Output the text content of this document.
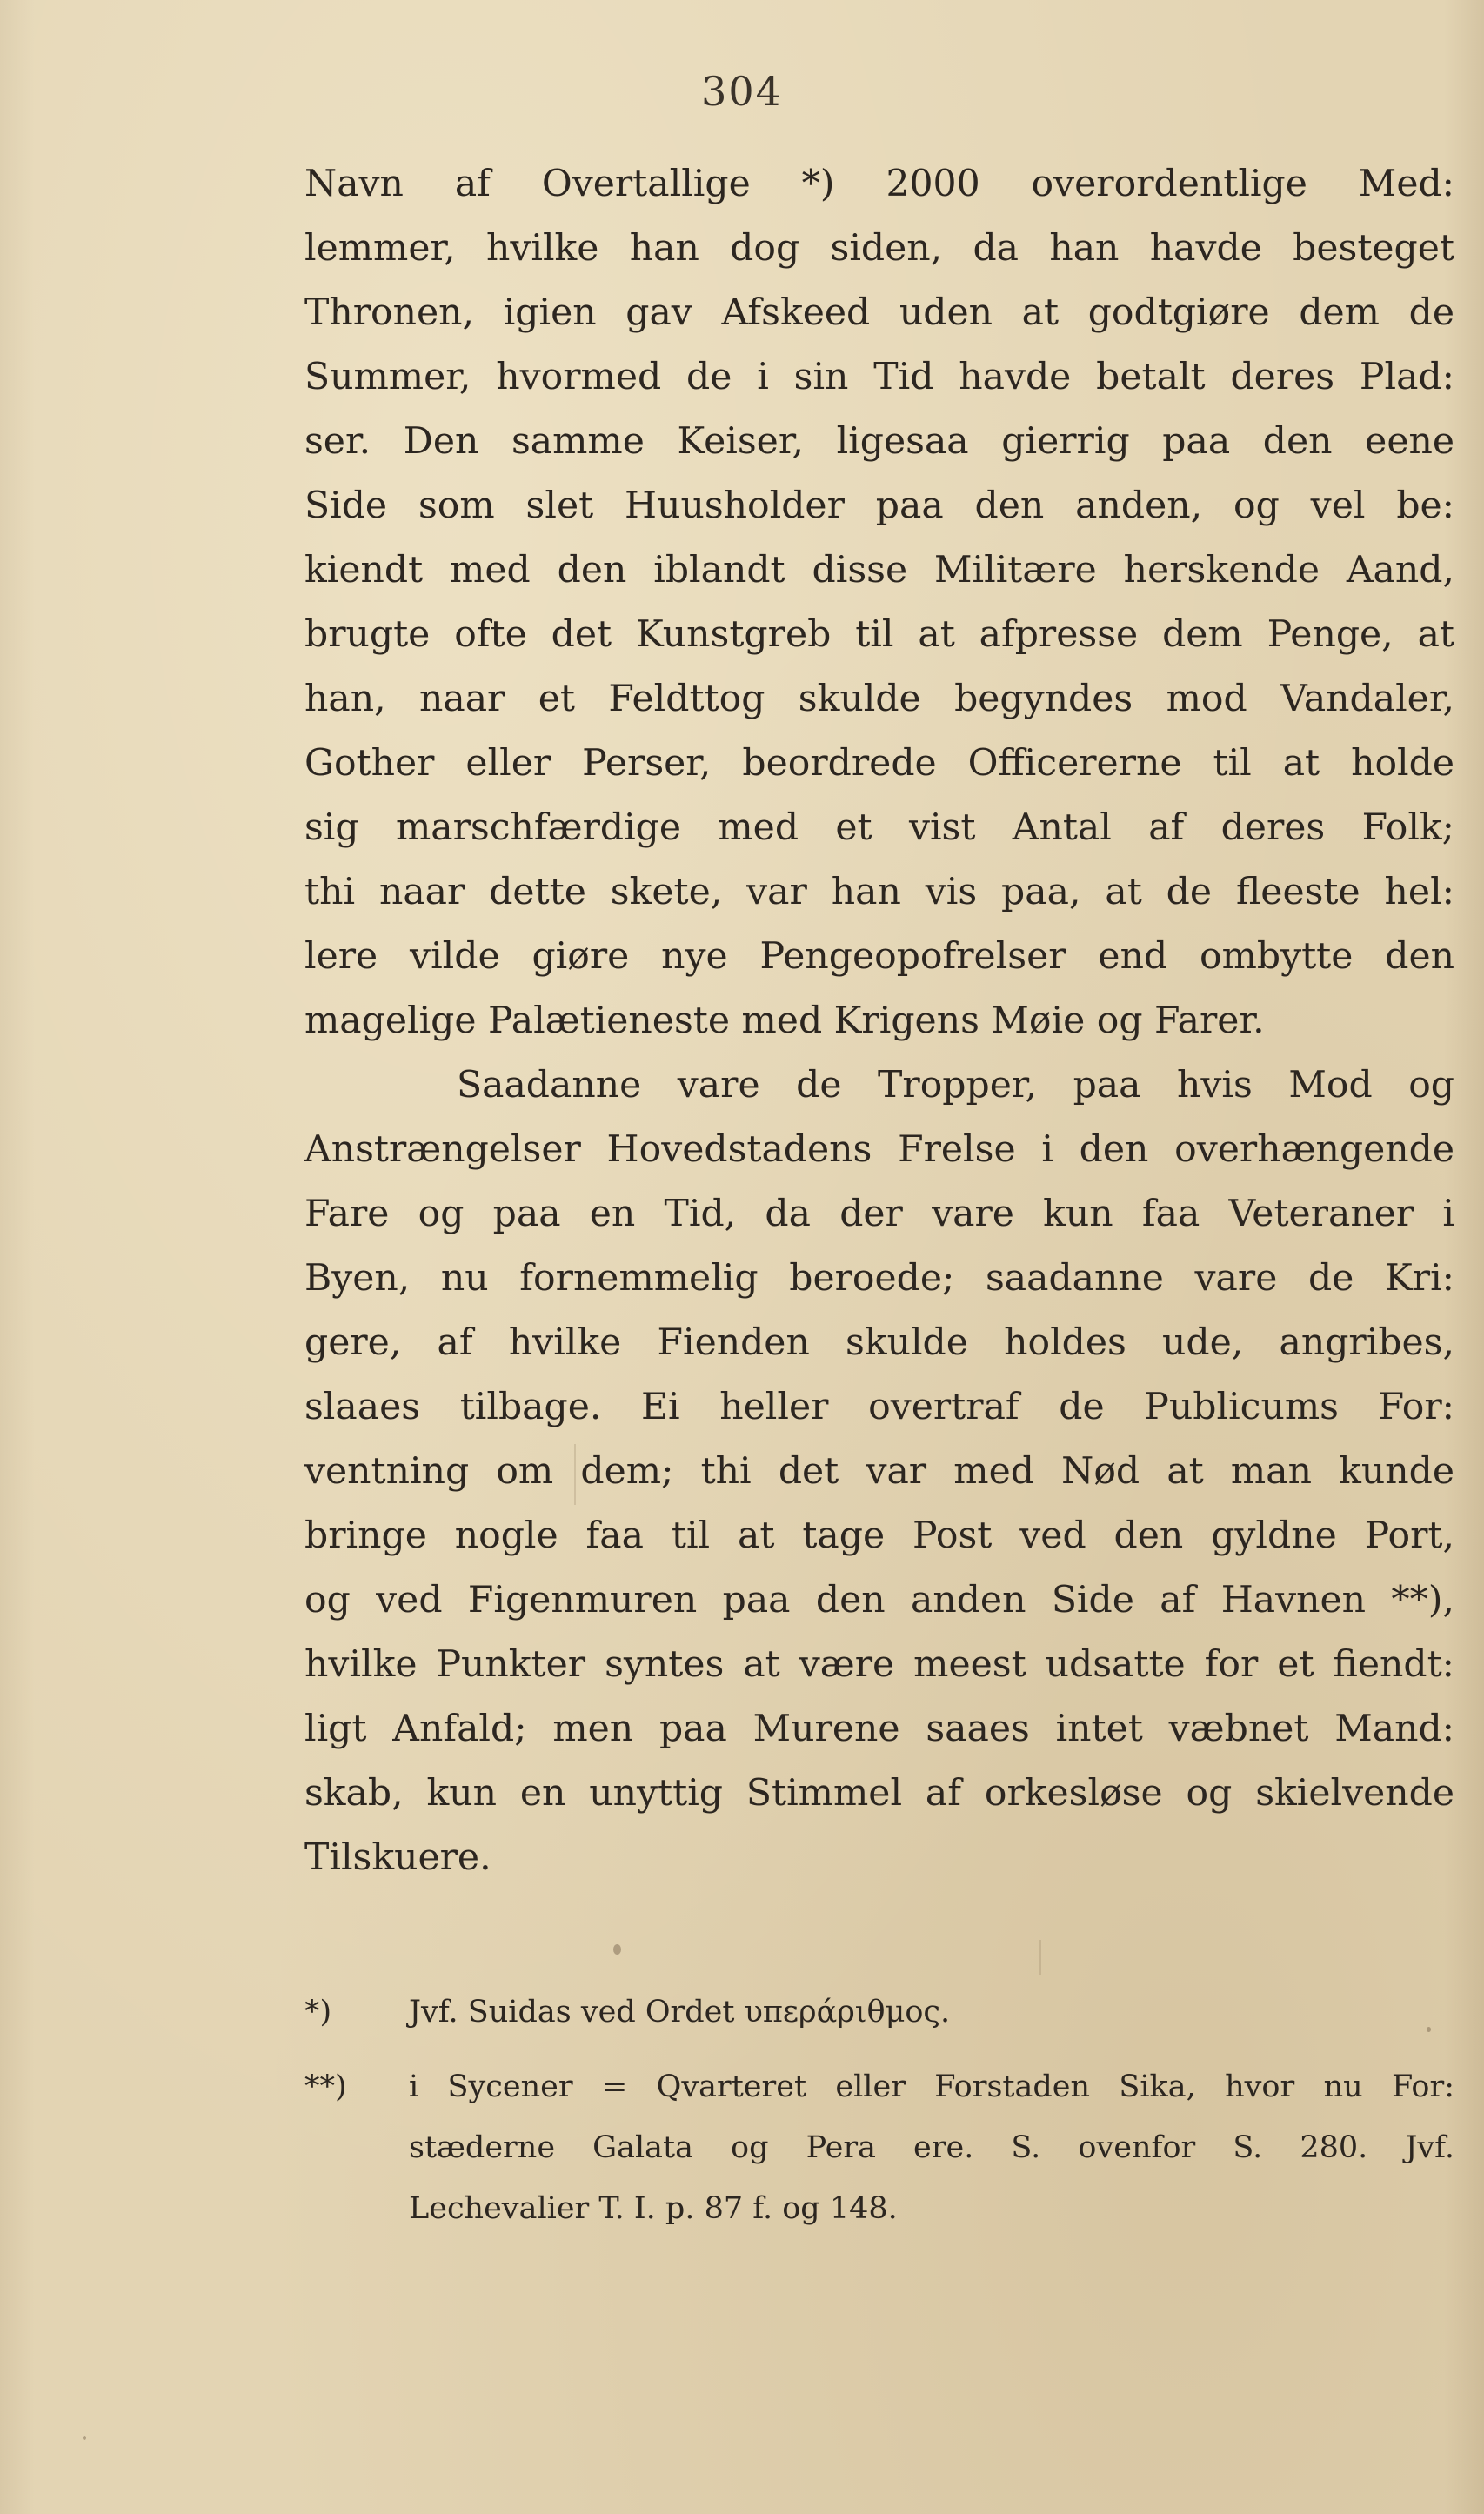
304
Navn af Overtallige *) 2000 overordentlige Med:
lemmer, hvilke han dog siden, da han havde besteget
Thronen, igien gav Afskeed uden at godtgiøre dem de
Summer, hvormed de i sin Tid havde betalt deres Plad:
ser. Den samme Keiser, ligesaa gierrig paa den eene
Side som slet Huusholder paa den anden, og vel be:
kiendt med den iblandt disse Militære herskende Aand,
brugte ofte det Kunstgreb til at afpresse dem Penge, at
han, naar et Feldttog skulde begyndes mod Vandaler,
Gother eller Perser, beordrede Officererne til at holde
sig marschfærdige med et vist Antal af deres Folk;
thi naar dette skete, var han vis paa, at de fleeste hel:
lere vilde giøre nye Pengeopofrelser end ombytte den
magelige Palætieneste med Krigens Møie og Farer.
Saadanne vare de Tropper, paa hvis Mod og
Anstrængelser Hovedstadens Frelse i den overhængende
Fare og paa en Tid, da der vare kun faa Veteraner i
Byen, nu fornemmelig beroede; saadanne vare de Kri:
gere, af hvilke Fienden skulde holdes ude, angribes,
slaaes tilbage. Ei heller overtraf de Publicums For:
ventning om dem; thi det var med Nød at man kunde
bringe nogle faa til at tage Post ved den gyldne Port,
og ved Figenmuren paa den anden Side af Havnen **),
hvilke Punkter syntes at være meest udsatte for et fiendt:
ligt Anfald; men paa Murene saaes intet væbnet Mand:
skab, kun en unyttig Stimmel af orkesløse og skielvende
Tilskuere.
*)	Jvf. Suidas ved Ordet υπεράριθμος.
**) i Sycener = Qvarteret eller Forstaden Sika, hvor nu For:
stæderne Galata og Pera ere. S. ovenfor S. 280. Jvf.
Lechevalier T. I. p. 87 f. og 148.
